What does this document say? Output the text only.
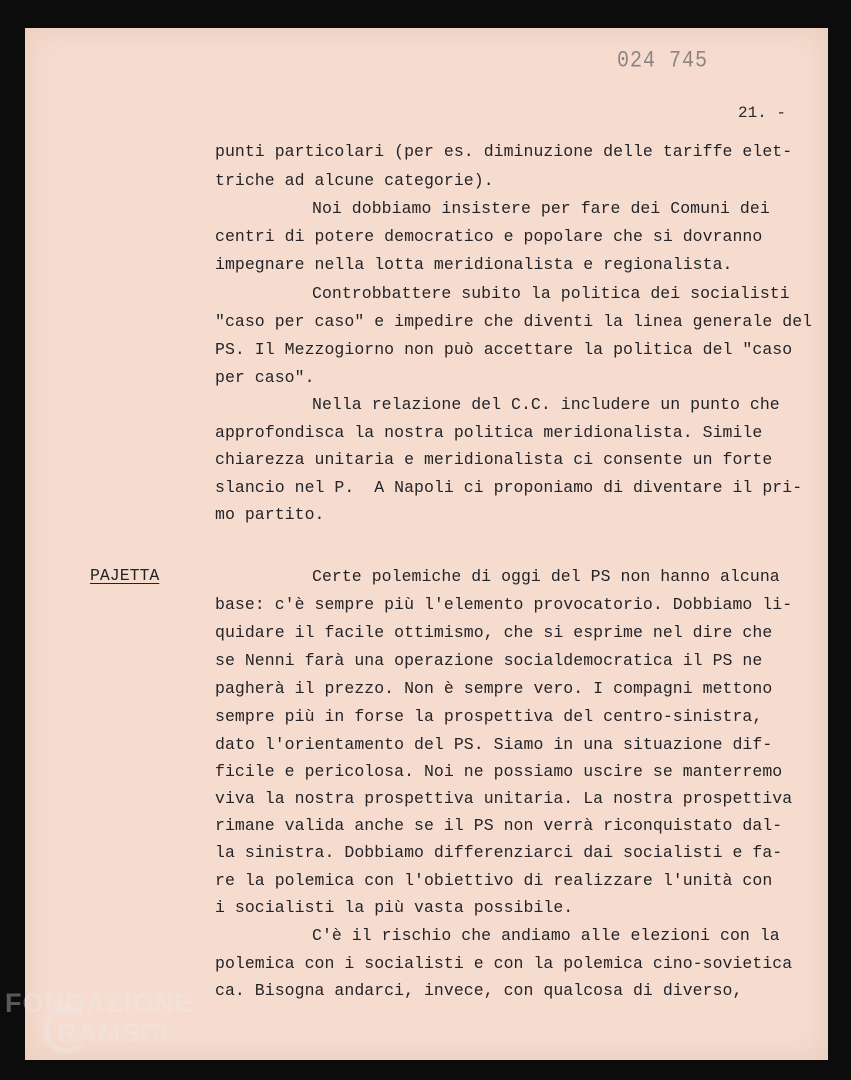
024 745
21. -
punti particolari (per es. diminuzione delle tariffe elet-
triche ad alcune categorie).
Noi dobbiamo insistere per fare dei Comuni dei
centri di potere democratico e popolare che si dovranno
impegnare nella lotta meridionalista e regionalista.
Controbbattere subito la politica dei socialisti
"caso per caso" e impedire che diventi la linea generale del
PS. Il Mezzogiorno non può accettare la politica del "caso
per caso".
Nella relazione del C.C. includere un punto che
approfondisca la nostra politica meridionalista. Simile
chiarezza unitaria e meridionalista ci consente un forte
slancio nel P.  A Napoli ci proponiamo di diventare il pri-
mo partito.
PAJETTA	Certe polemiche di oggi del PS non hanno alcuna
base: c'è sempre più l'elemento provocatorio. Dobbiamo li-
quidare il facile ottimismo, che si esprime nel dire che
se Nenni farà una operazione socialdemocratica il PS ne
pagherà il prezzo. Non è sempre vero. I compagni mettono
sempre più in forse la prospettiva del centro-sinistra,
dato l'orientamento del PS. Siamo in una situazione dif-
ficile e pericolosa. Noi ne possiamo uscire se manterremo
viva la nostra prospettiva unitaria. La nostra prospettiva
rimane valida anche se il PS non verrà riconquistato dal-
la sinistra. Dobbiamo differenziarci dai socialisti e fa-
re la polemica con l'obiettivo di realizzare l'unità con
i socialisti la più vasta possibile.
C'è il rischio che andiamo alle elezioni con la
polemica con i socialisti e con la polemica cino-sovietica
ca. Bisogna andarci, invece, con qualcosa di diverso,
FONDAZIONE
RAMSCI
